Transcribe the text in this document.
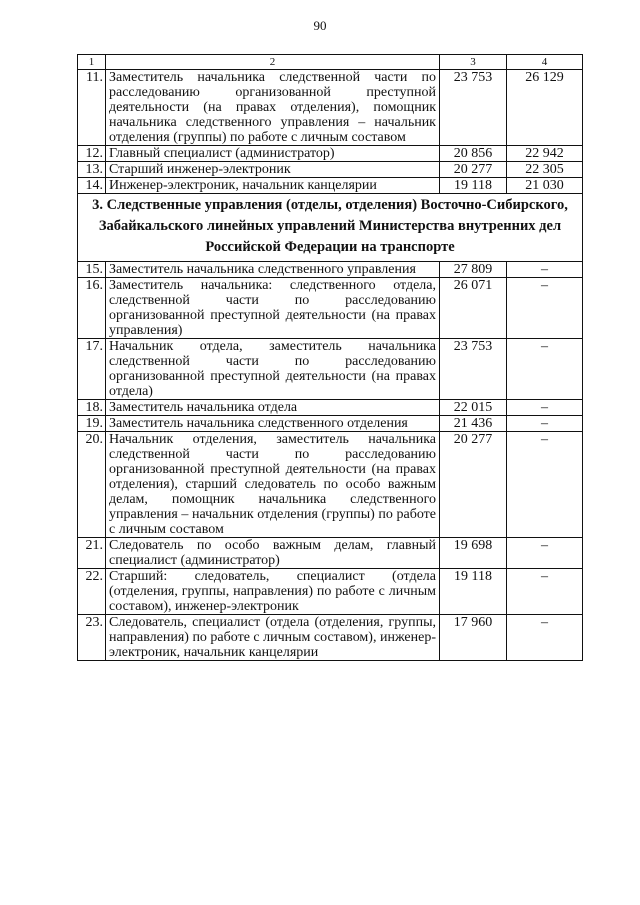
90
1	2	3	4
11.	Заместитель начальника следственной части по расследованию организованной преступной деятельности (на правах отделения), помощник начальника следственного управления – начальник отделения (группы) по работе с личным составом	23 753	26 129
12.	Главный специалист (администратор)	20 856	22 942
13.	Старший инженер-электроник	20 277	22 305
14.	Инженер-электроник, начальник канцелярии	19 118	21 030
3. Следственные управления (отделы, отделения) Восточно-Сибирского, Забайкальского линейных управлений Министерства внутренних дел Российской Федерации на транспорте			
15.	Заместитель начальника следственного управления	27 809	–
16.	Заместитель начальника: следственного отдела, следственной части по расследованию организованной преступной деятельности (на правах управления)	26 071	–
17.	Начальник отдела, заместитель начальника следственной части по расследованию организованной преступной деятельности (на правах отдела)	23 753	–
18.	Заместитель начальника отдела	22 015	–
19.	Заместитель начальника следственного отделения	21 436	–
20.	Начальник отделения, заместитель начальника следственной части по расследованию организованной преступной деятельности (на правах отделения), старший следователь по особо важным делам, помощник начальника следственного управления – начальник отделения (группы) по работе с личным составом	20 277	–
21.	Следователь по особо важным делам, главный специалист (администратор)	19 698	–
22.	Старший: следователь, специалист (отдела (отделения, группы, направления) по работе с личным составом), инженер-электроник	19 118	–
23.	Следователь, специалист (отдела (отделения, группы, направления) по работе с личным составом), инженер-электроник, начальник канцелярии	17 960	–
